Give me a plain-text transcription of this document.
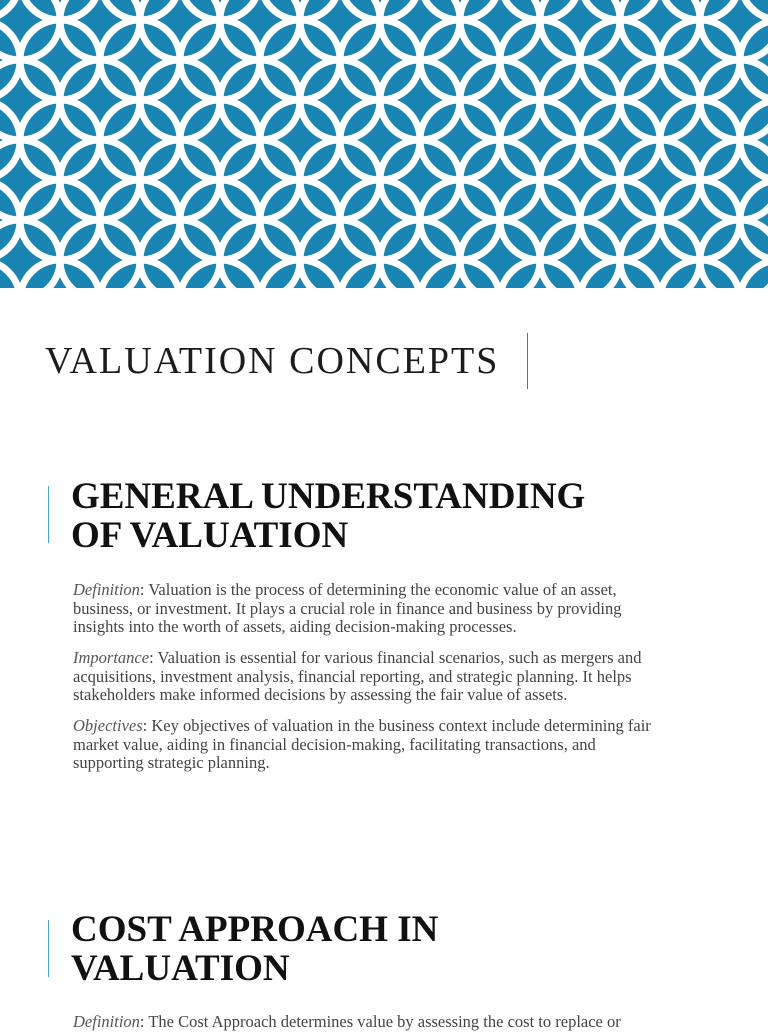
VALUATION CONCEPTS
GENERAL UNDERSTANDING
OF VALUATION

Definition: Valuation is the process of determining the economic value of an asset, business, or investment. It plays a crucial role in finance and business by providing insights into the worth of assets, aiding decision-making processes.

Importance: Valuation is essential for various financial scenarios, such as mergers and acquisitions, investment analysis, financial reporting, and strategic planning. It helps stakeholders make informed decisions by assessing the fair value of assets.

Objectives: Key objectives of valuation in the business context include determining fair market value, aiding in financial decision-making, facilitating transactions, and supporting strategic planning.

COST APPROACH IN
VALUATION

Definition: The Cost Approach determines value by assessing the cost to replace or
